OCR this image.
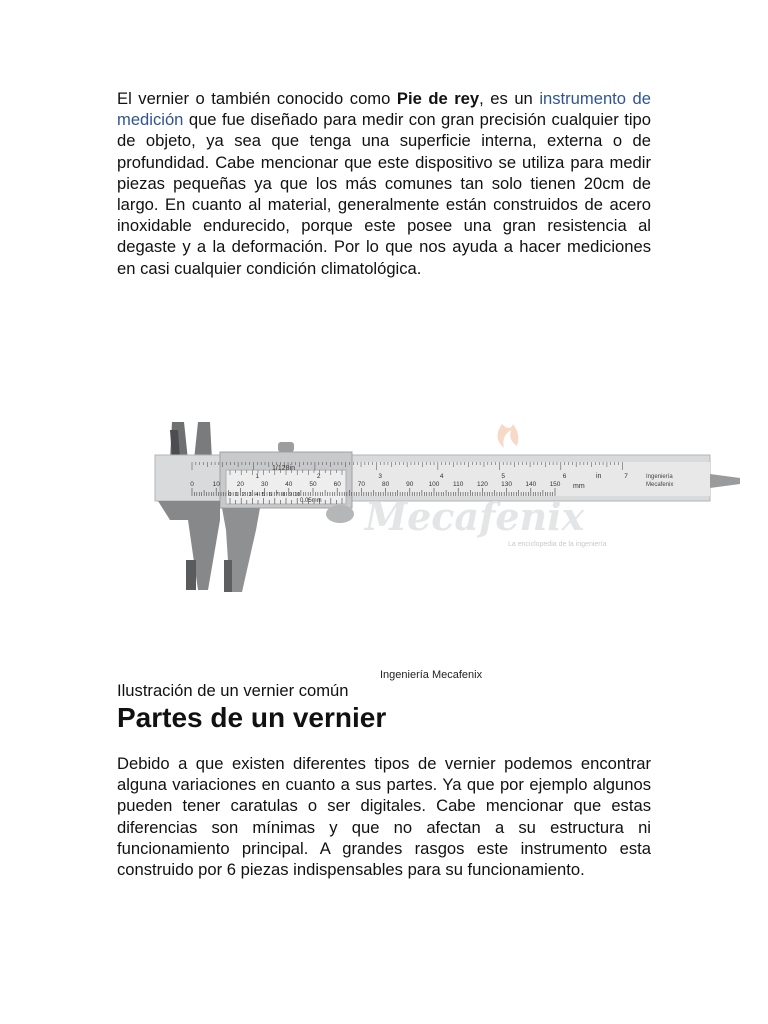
El vernier o también conocido como Pie de rey, es un instrumento de medición que fue diseñado para medir con gran precisión cualquier tipo de objeto, ya sea que tenga una superficie interna, externa o de profundidad. Cabe mencionar que este dispositivo se utiliza para medir piezas pequeñas ya que los más comunes tan solo tienen 20cm de largo. En cuanto al material, generalmente están construidos de acero inoxidable endurecido, porque este posee una gran resistencia al degaste y a la deformación. Por lo que nos ayuda a hacer mediciones en casi cualquier condición climatológica.

Mecafenix
La enciclopedia de la ingeniería
0	10	20	30	40	50	60	70	80	90 100 110 120 130 140 150
1	2	3	4	5	6	7
0 1 2 3 4 5 6 7 8 9 10
mm
in
1/128in
0.05mm
Ingeniería
Mecafenix
Ingeniería Mecafenix

Ilustración de un vernier común

Partes de un vernier

Debido a que existen diferentes tipos de vernier podemos encontrar alguna variaciones en cuanto a sus partes. Ya que por ejemplo algunos pueden tener caratulas o ser digitales. Cabe mencionar que estas diferencias son mínimas y que no afectan a su estructura ni funcionamiento principal. A grandes rasgos este instrumento esta construido por 6 piezas indispensables para su funcionamiento.
